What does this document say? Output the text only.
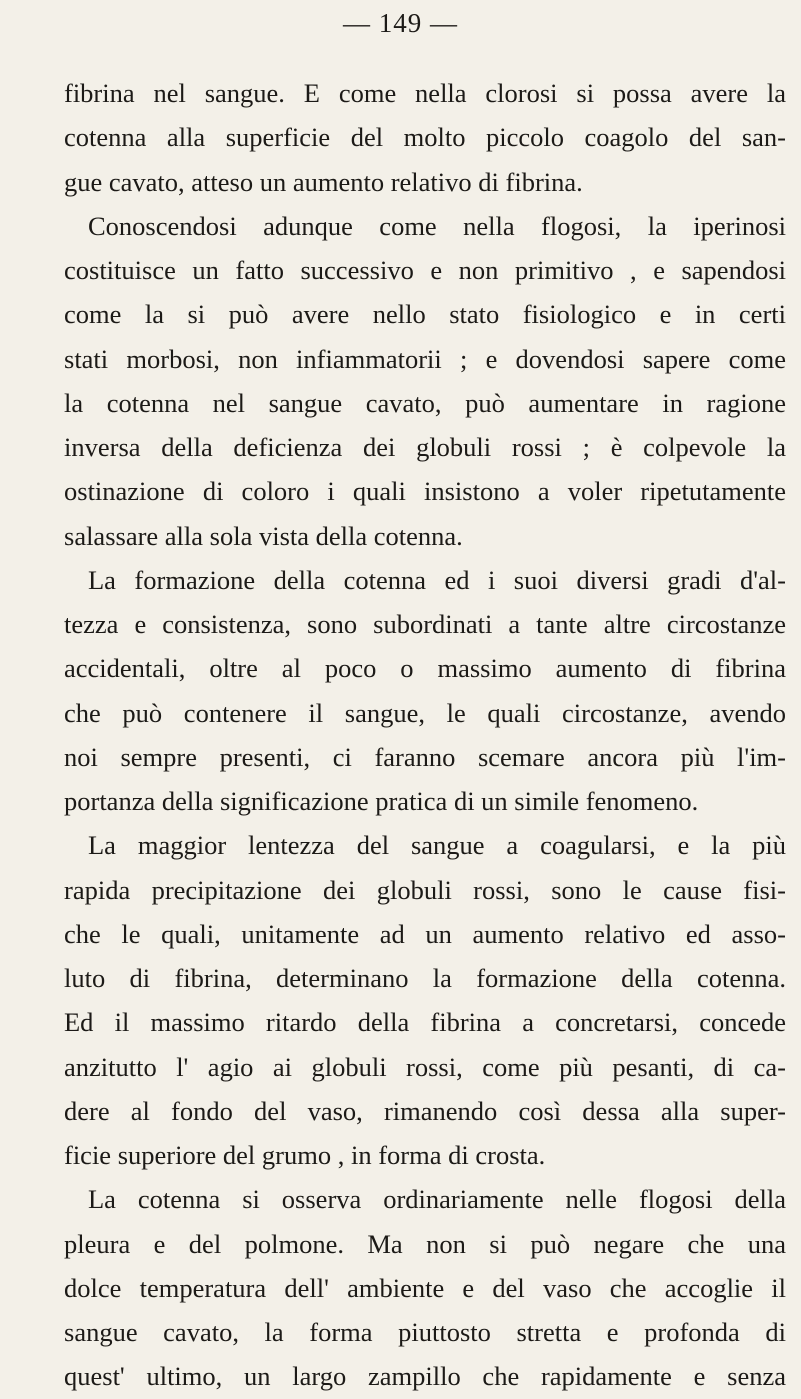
— 149 —
fibrina nel sangue. E come nella clorosi si possa avere la
cotenna alla superficie del molto piccolo coagolo del san-
gue cavato, atteso un aumento relativo di fibrina.
Conoscendosi adunque come nella flogosi, la iperinosi
costituisce un fatto successivo e non primitivo , e sapendosi
come la si può avere nello stato fisiologico e in certi
stati morbosi, non infiammatorii ; e dovendosi sapere come
la cotenna nel sangue cavato, può aumentare in ragione
inversa della deficienza dei globuli rossi ; è colpevole la
ostinazione di coloro i quali insistono a voler ripetutamente
salassare alla sola vista della cotenna.
La formazione della cotenna ed i suoi diversi gradi d'al-
tezza e consistenza, sono subordinati a tante altre circostanze
accidentali, oltre al poco o massimo aumento di fibrina
che può contenere il sangue, le quali circostanze, avendo
noi sempre presenti, ci faranno scemare ancora più l'im-
portanza della significazione pratica di un simile fenomeno.
La maggior lentezza del sangue a coagularsi, e la più
rapida precipitazione dei globuli rossi, sono le cause fisi-
che le quali, unitamente ad un aumento relativo ed asso-
luto di fibrina, determinano la formazione della cotenna.
Ed il massimo ritardo della fibrina a concretarsi, concede
anzitutto l' agio ai globuli rossi, come più pesanti, di ca-
dere al fondo del vaso, rimanendo così dessa alla super-
ficie superiore del grumo , in forma di crosta.
La cotenna si osserva ordinariamente nelle flogosi della
pleura e del polmone. Ma non si può negare che una
dolce temperatura dell' ambiente e del vaso che accoglie il
sangue cavato, la forma piuttosto stretta e profonda di
quest' ultimo, un largo zampillo che rapidamente e senza
